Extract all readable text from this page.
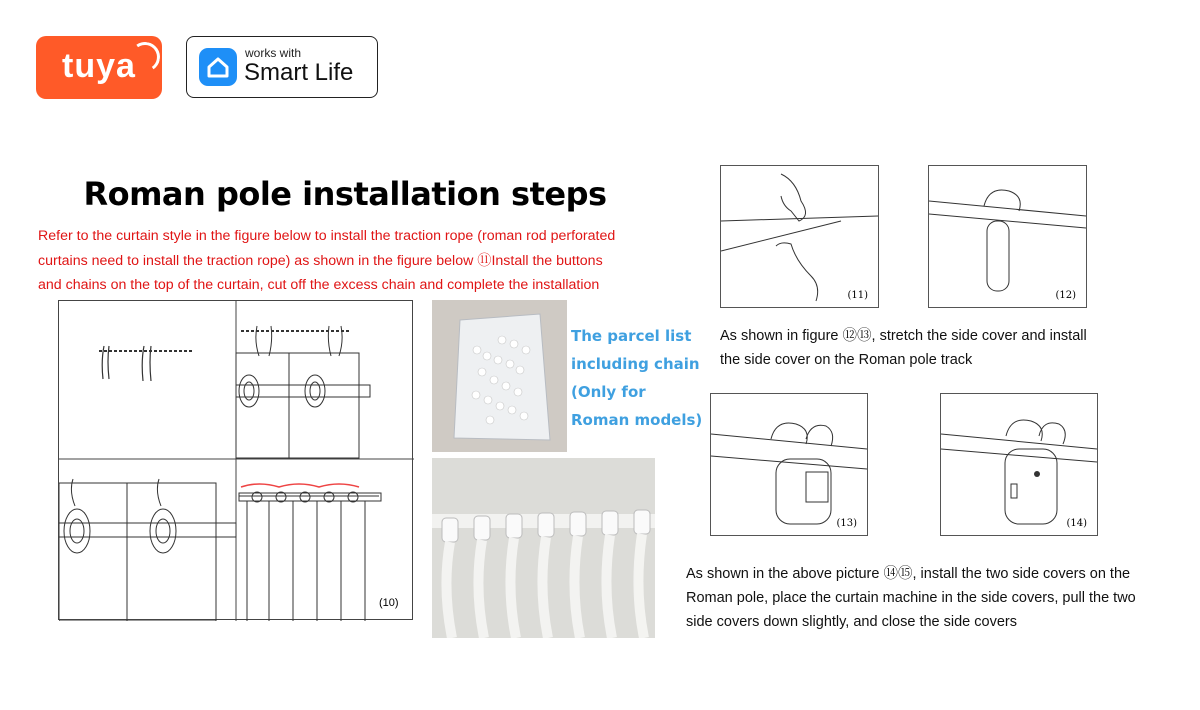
tuya	works with
Smart Life
Roman pole installation steps
Refer to the curtain style in the figure below to install the traction rope (roman rod perforated
curtains need to install the traction rope) as shown in the figure below ⑪Install the buttons
and chains on the top of the curtain, cut off the excess chain and complete the installation
(10)
The parcel list
including chain
(Only for
Roman models)
(11)	(12)
As shown in figure ⑫⑬, stretch the side cover and install
the side cover on the Roman pole track
(13)	(14)
As shown in the above picture ⑭⑮, install the two side covers on the
Roman pole, place the curtain machine in the side covers, pull the two
side covers down slightly, and close the side covers
